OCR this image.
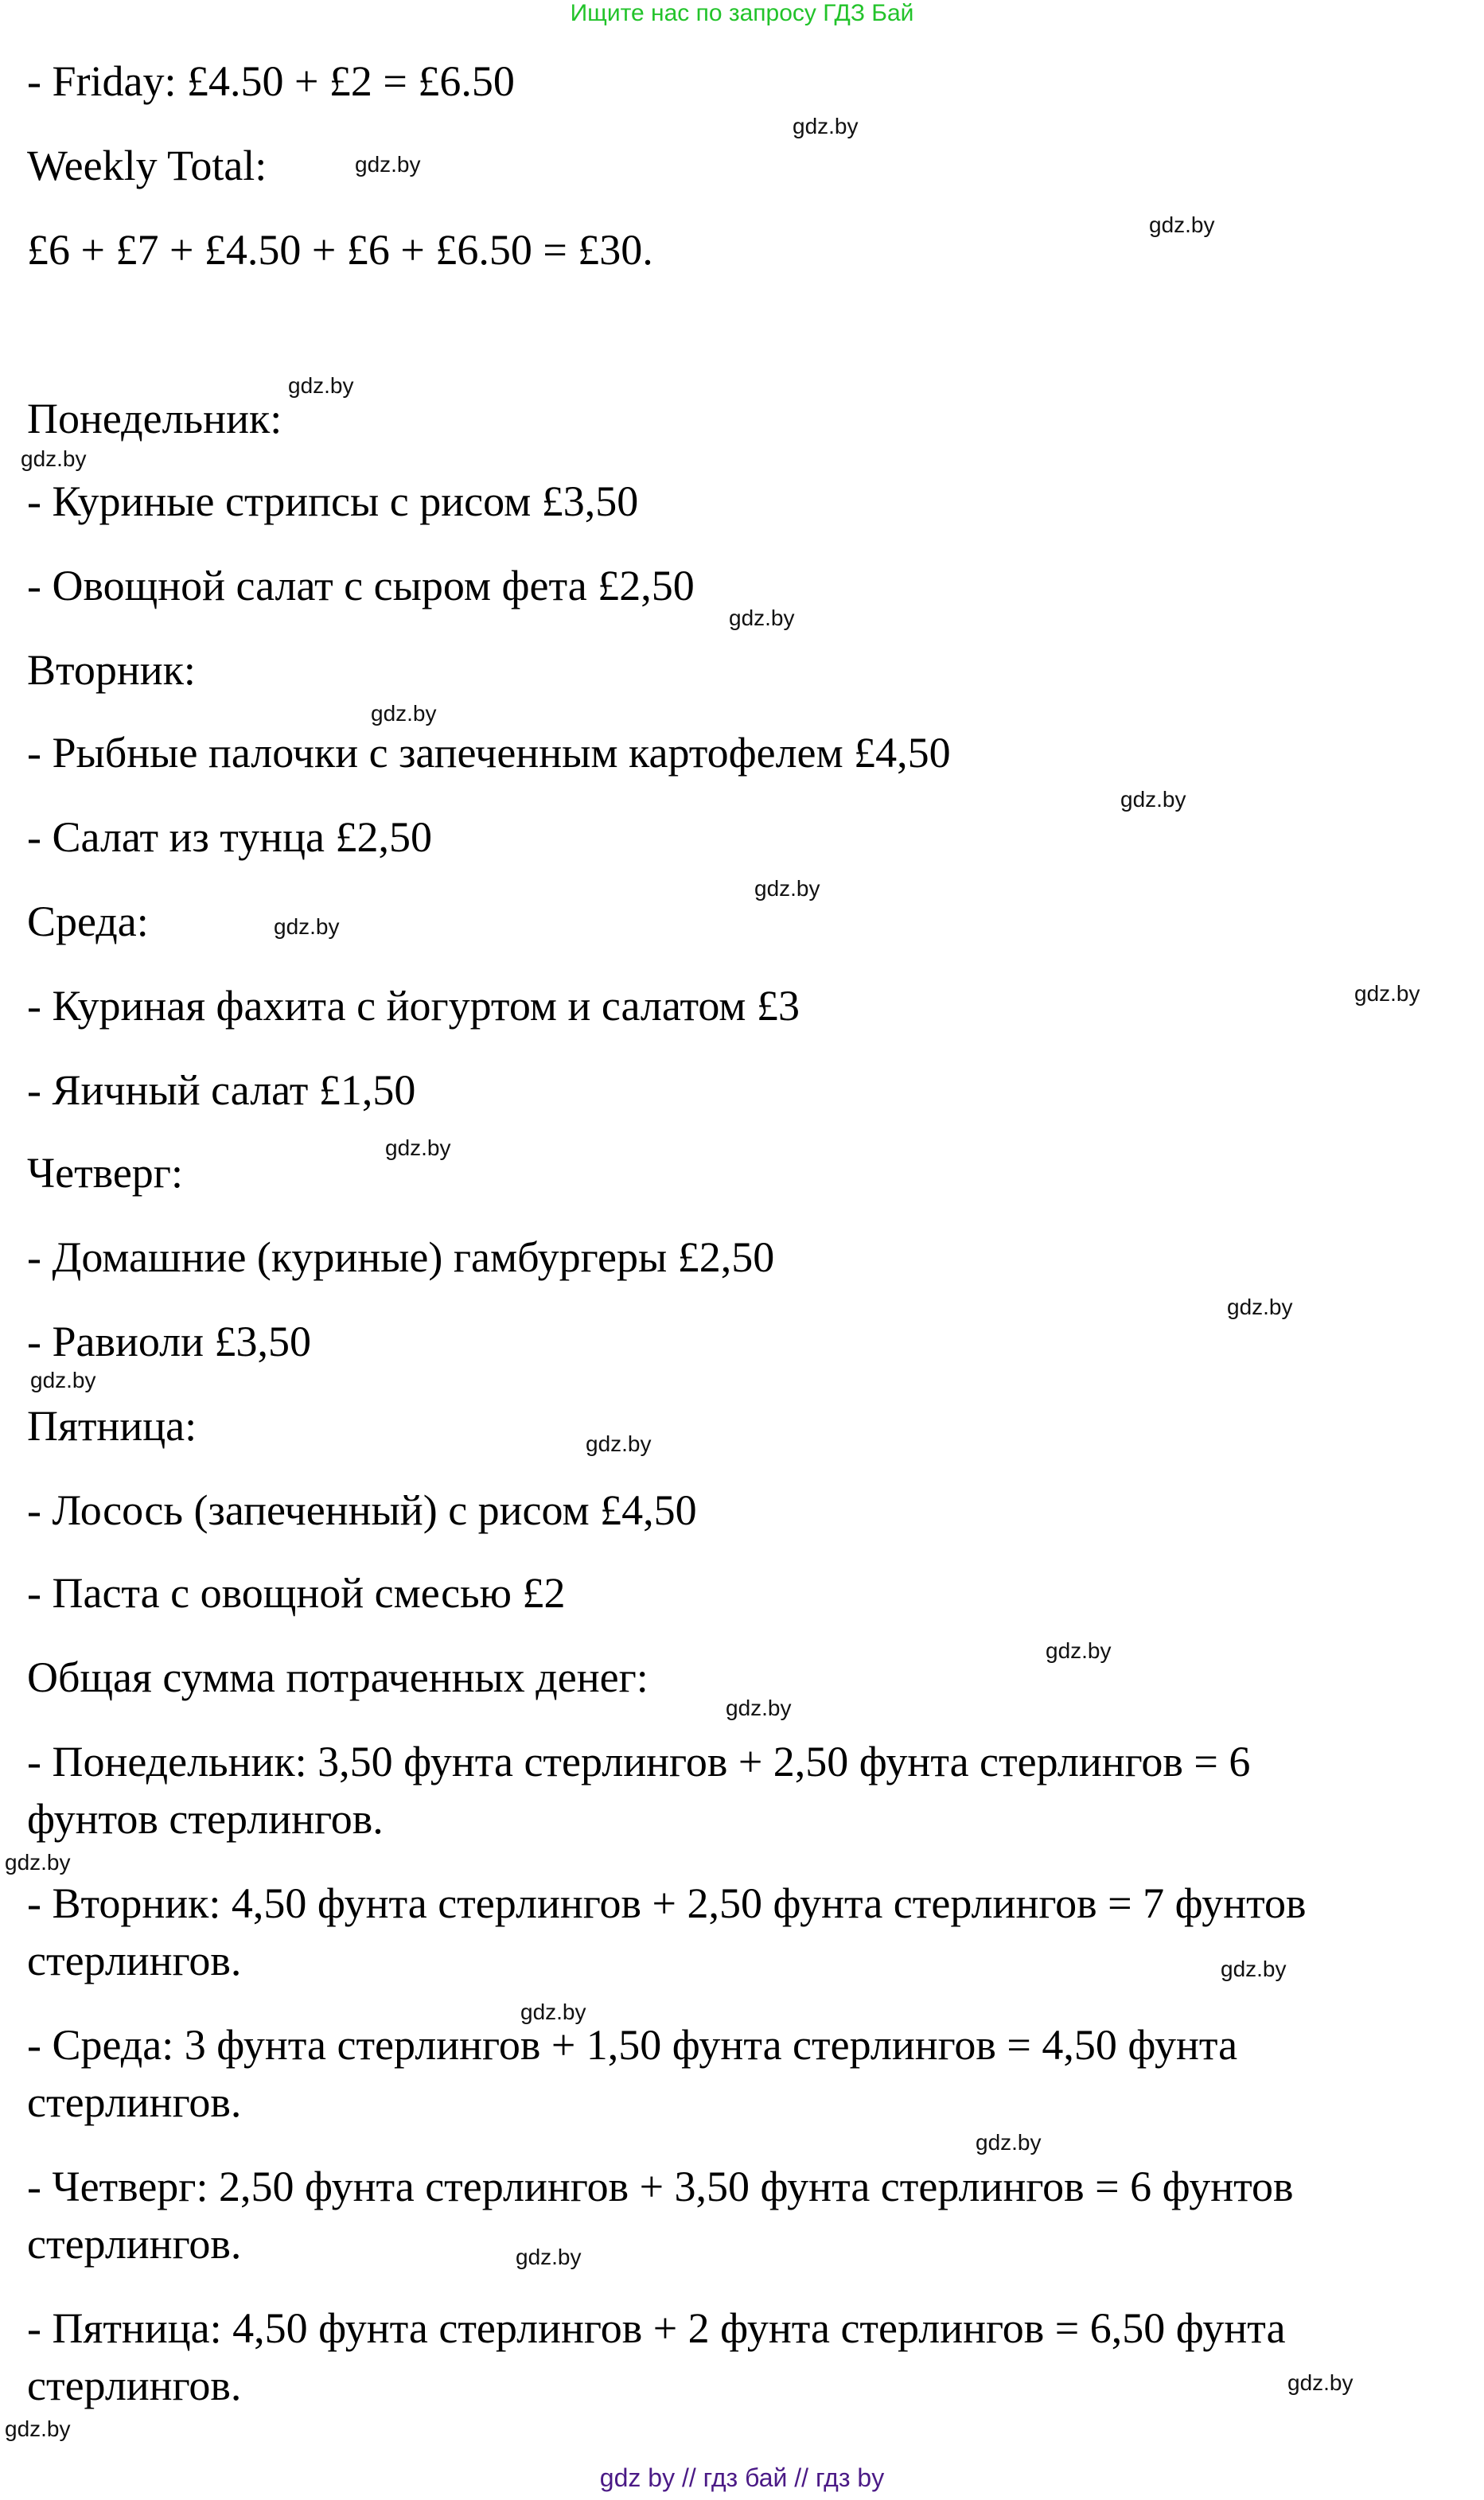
Ищите нас по запросу ГДЗ Бай
- Friday: £4.50 + £2 = £6.50
Weekly Total:
£6 + £7 + £4.50 + £6 + £6.50 = £30.
Понедельник:
- Куриные стрипсы с рисом £3,50
- Овощной салат с сыром фета £2,50
Вторник:
- Рыбные палочки с запеченным картофелем £4,50
- Салат из тунца £2,50
Среда:
- Куриная фахита с йогуртом и салатом £3
- Яичный салат £1,50
Четверг:
- Домашние (куриные) гамбургеры £2,50
- Равиоли £3,50
Пятница:
- Лосось (запеченный) с рисом £4,50
- Паста с овощной смесью £2
Общая сумма потраченных денег:
- Понедельник: 3,50 фунта стерлингов + 2,50 фунта стерлингов = 6
фунтов стерлингов.
- Вторник: 4,50 фунта стерлингов + 2,50 фунта стерлингов = 7 фунтов
стерлингов.
- Среда: 3 фунта стерлингов + 1,50 фунта стерлингов = 4,50 фунта
стерлингов.
- Четверг: 2,50 фунта стерлингов + 3,50 фунта стерлингов = 6 фунтов
стерлингов.
- Пятница: 4,50 фунта стерлингов + 2 фунта стерлингов = 6,50 фунта
стерлингов.
gdz.by
gdz.by
gdz.by
gdz.by
gdz.by
gdz.by
gdz.by
gdz.by
gdz.by
gdz.by
gdz.by
gdz.by
gdz.by
gdz.by
gdz.by
gdz.by
gdz.by
gdz.by
gdz.by
gdz.by
gdz.by
gdz.by
gdz.by
gdz.by
gdz by // гдз бай // гдз by
